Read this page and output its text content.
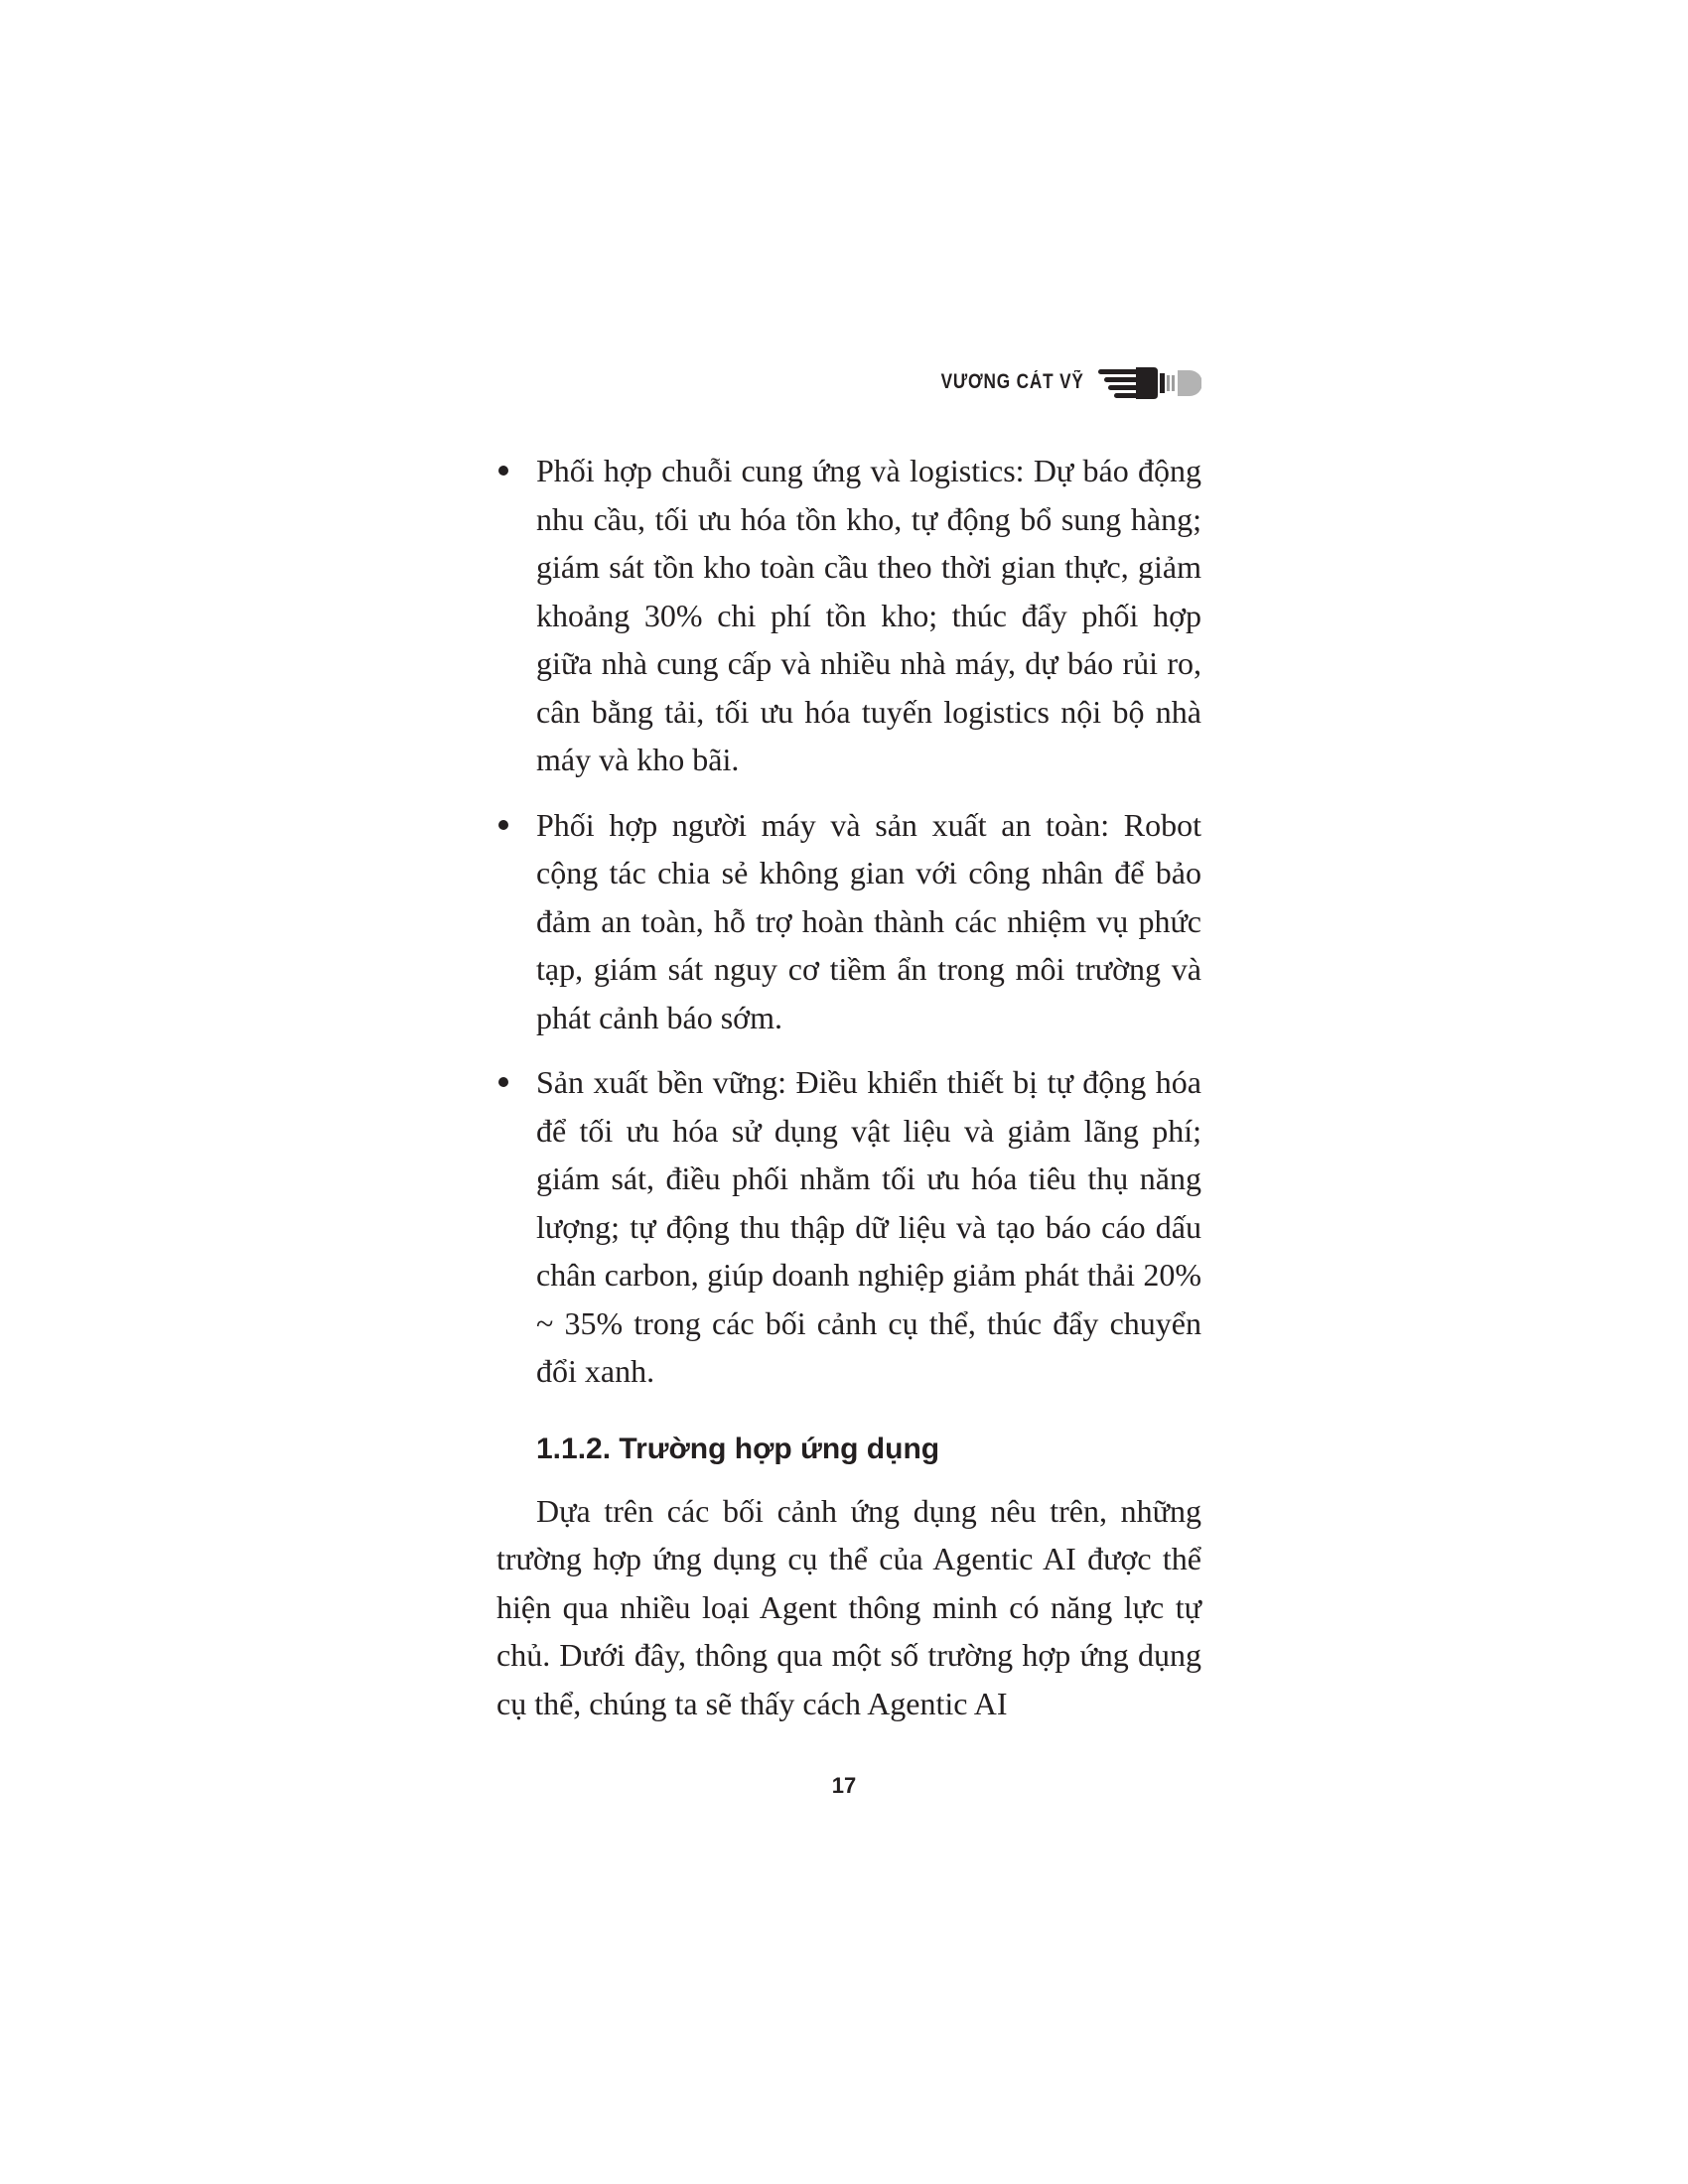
VƯƠNG CÁT VỸ
Phối hợp chuỗi cung ứng và logistics: Dự báo động nhu cầu, tối ưu hóa tồn kho, tự động bổ sung hàng; giám sát tồn kho toàn cầu theo thời gian thực, giảm khoảng 30% chi phí tồn kho; thúc đẩy phối hợp giữa nhà cung cấp và nhiều nhà máy, dự báo rủi ro, cân bằng tải, tối ưu hóa tuyến logistics nội bộ nhà máy và kho bãi.
Phối hợp người máy và sản xuất an toàn: Robot cộng tác chia sẻ không gian với công nhân để bảo đảm an toàn, hỗ trợ hoàn thành các nhiệm vụ phức tạp, giám sát nguy cơ tiềm ẩn trong môi trường và phát cảnh báo sớm.
Sản xuất bền vững: Điều khiển thiết bị tự động hóa để tối ưu hóa sử dụng vật liệu và giảm lãng phí; giám sát, điều phối nhằm tối ưu hóa tiêu thụ năng lượng; tự động thu thập dữ liệu và tạo báo cáo dấu chân carbon, giúp doanh nghiệp giảm phát thải 20% ~ 35% trong các bối cảnh cụ thể, thúc đẩy chuyển đổi xanh.
1.1.2. Trường hợp ứng dụng

Dựa trên các bối cảnh ứng dụng nêu trên, những trường hợp ứng dụng cụ thể của Agentic AI được thể hiện qua nhiều loại Agent thông minh có năng lực tự chủ. Dưới đây, thông qua một số trường hợp ứng dụng cụ thể, chúng ta sẽ thấy cách Agentic AI

17
